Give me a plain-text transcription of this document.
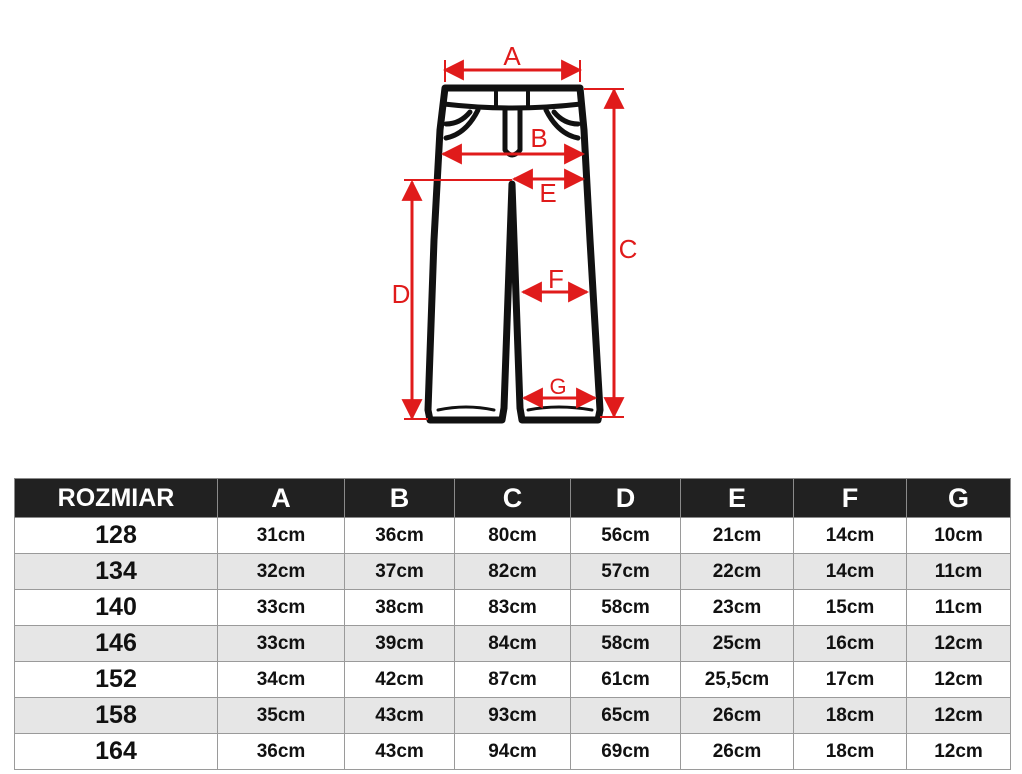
A
B
E
C
D	F
G
ROZMIAR	A	B	C	D	E	F	G
128	31cm	36cm	80cm	56cm	21cm	14cm	10cm
134	32cm	37cm	82cm	57cm	22cm	14cm	11cm
140	33cm	38cm	83cm	58cm	23cm	15cm	11cm
146	33cm	39cm	84cm	58cm	25cm	16cm	12cm
152	34cm	42cm	87cm	61cm	25,5cm	17cm	12cm
158	35cm	43cm	93cm	65cm	26cm	18cm	12cm
164	36cm	43cm	94cm	69cm	26cm	18cm	12cm
